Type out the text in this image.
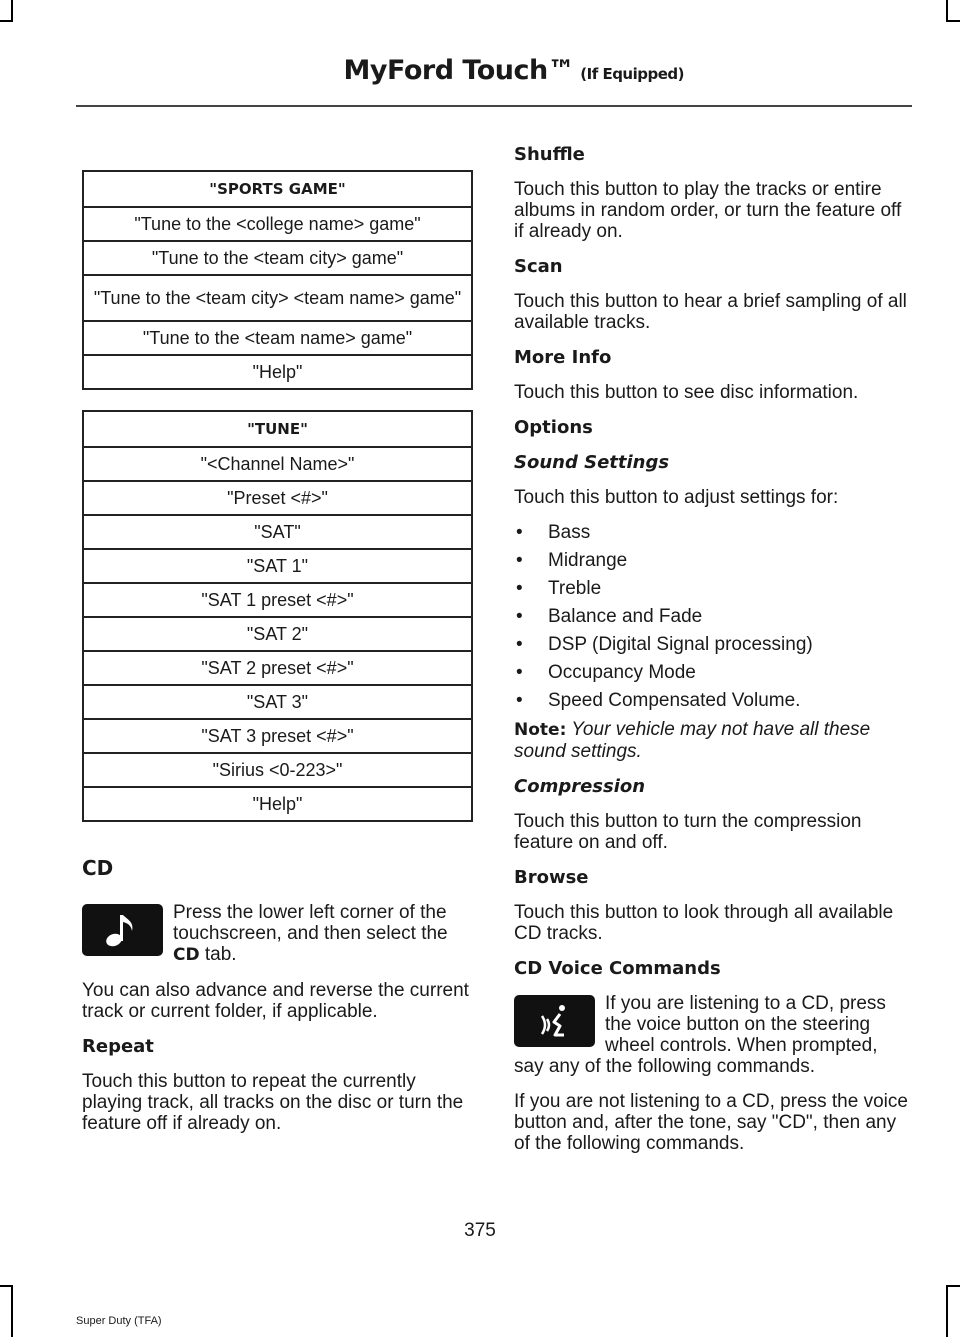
MyFord Touch™ (If Equipped)
"SPORTS GAME"
"Tune to the <college name> game"
"Tune to the <team city> game"
"Tune to the <team city> <team name> game"
"Tune to the <team name> game"
"Help"
"TUNE"
"<Channel Name>"
"Preset <#>"
"SAT"
"SAT 1"
"SAT 1 preset <#>"
"SAT 2"
"SAT 2 preset <#>"
"SAT 3"
"SAT 3 preset <#>"
"Sirius <0-223>"
"Help"
CD

Press the lower left corner of the touchscreen, and then select the CD tab.

You can also advance and reverse the current track or current folder, if applicable.

Repeat

Touch this button to repeat the currently playing track, all tracks on the disc or turn the feature off if already on.

Shuffle

Touch this button to play the tracks or entire albums in random order, or turn the feature off if already on.

Scan

Touch this button to hear a brief sampling of all available tracks.

More Info

Touch this button to see disc information.

Options
Sound Settings

Touch this button to adjust settings for:

• Bass
• Midrange
• Treble
• Balance and Fade
• DSP (Digital Signal processing)
• Occupancy Mode
• Speed Compensated Volume.

Note: Your vehicle may not have all these sound settings.

Compression

Touch this button to turn the compression feature on and off.

Browse

Touch this button to look through all available CD tracks.

CD Voice Commands

If you are listening to a CD, press the voice button on the steering wheel controls. When prompted, say any of the following commands.

If you are not listening to a CD, press the voice button and, after the tone, say "CD", then any of the following commands.

375
Super Duty (TFA)
